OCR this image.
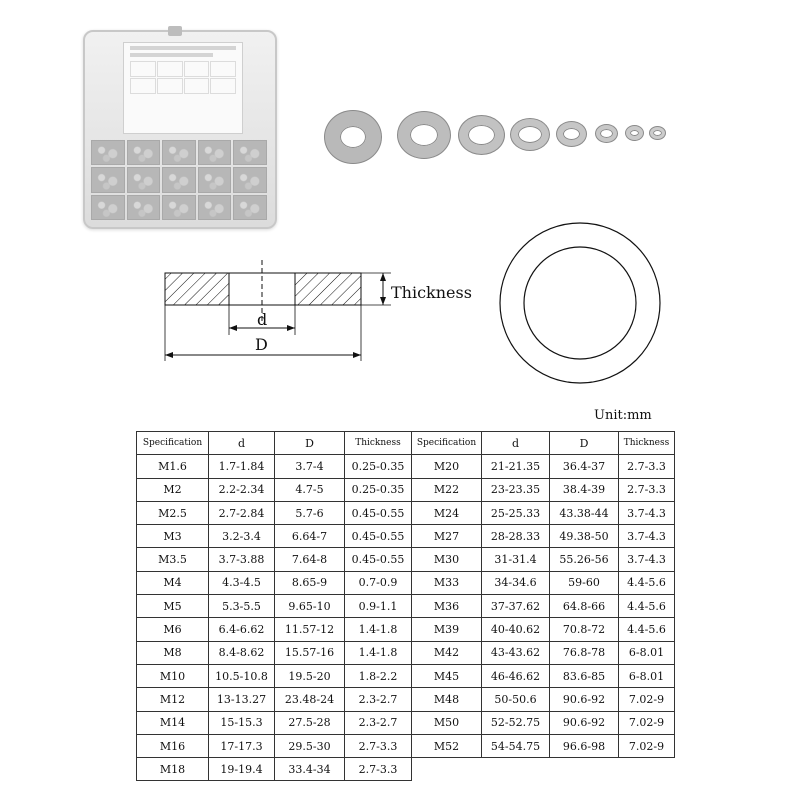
Thickness
d
D
Unit:mm
Specification	d	D	Thickness	Specification	d	D	Thickness
M1.6	1.7-1.84	3.7-4	0.25-0.35	M20	21-21.35	36.4-37	2.7-3.3
M2	2.2-2.34	4.7-5	0.25-0.35	M22	23-23.35	38.4-39	2.7-3.3
M2.5	2.7-2.84	5.7-6	0.45-0.55	M24	25-25.33	43.38-44	3.7-4.3
M3	3.2-3.4	6.64-7	0.45-0.55	M27	28-28.33	49.38-50	3.7-4.3
M3.5	3.7-3.88	7.64-8	0.45-0.55	M30	31-31.4	55.26-56	3.7-4.3
M4	4.3-4.5	8.65-9	0.7-0.9	M33	34-34.6	59-60	4.4-5.6
M5	5.3-5.5	9.65-10	0.9-1.1	M36	37-37.62	64.8-66	4.4-5.6
M6	6.4-6.62	11.57-12	1.4-1.8	M39	40-40.62	70.8-72	4.4-5.6
M8	8.4-8.62	15.57-16	1.4-1.8	M42	43-43.62	76.8-78	6-8.01
M10	10.5-10.8	19.5-20	1.8-2.2	M45	46-46.62	83.6-85	6-8.01
M12	13-13.27	23.48-24	2.3-2.7	M48	50-50.6	90.6-92	7.02-9
M14	15-15.3	27.5-28	2.3-2.7	M50	52-52.75	90.6-92	7.02-9
M16	17-17.3	29.5-30	2.7-3.3	M52	54-54.75	96.6-98	7.02-9
M18	19-19.4	33.4-34	2.7-3.3				
